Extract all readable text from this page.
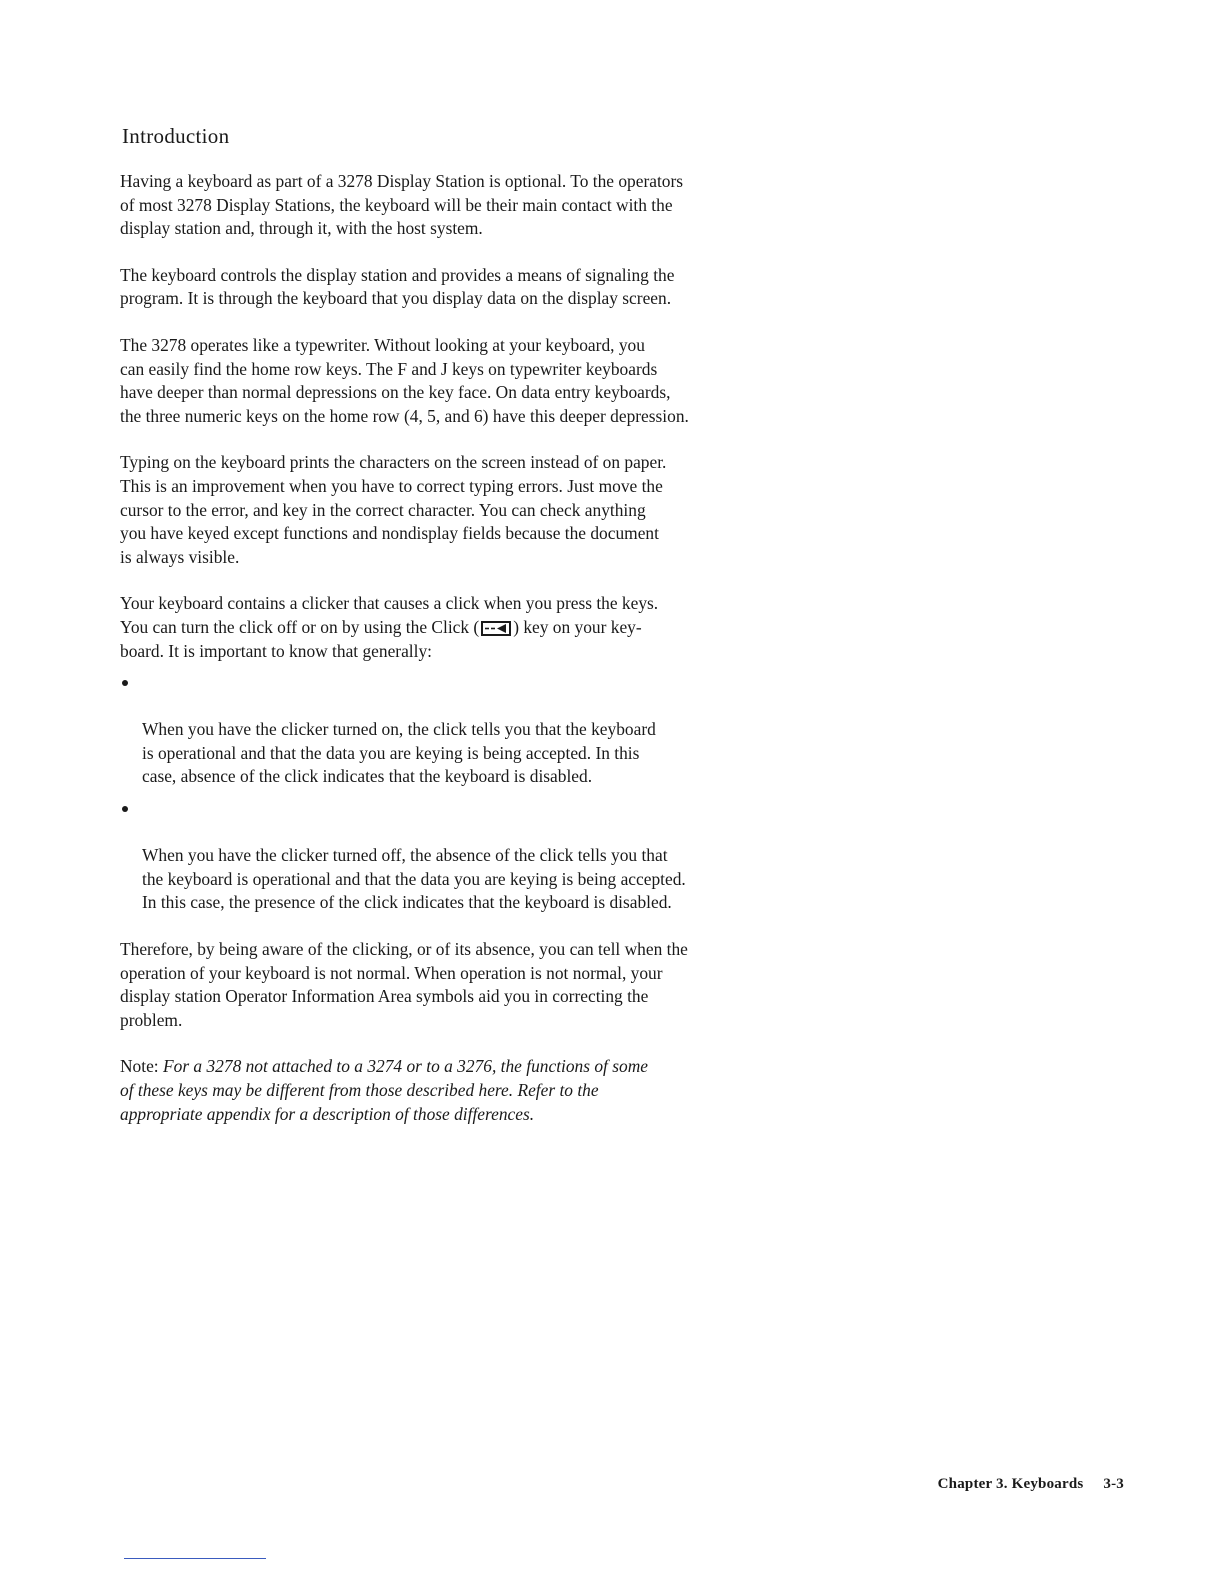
Introduction

Having a keyboard as part of a 3278 Display Station is optional. To the operators
of most 3278 Display Stations, the keyboard will be their main contact with the
display station and, through it, with the host system.

The keyboard controls the display station and provides a means of signaling the
program. It is through the keyboard that you display data on the display screen.

The 3278 operates like a typewriter. Without looking at your keyboard, you
can easily find the home row keys. The F and J keys on typewriter keyboards
have deeper than normal depressions on the key face. On data entry keyboards,
the three numeric keys on the home row (4, 5, and 6) have this deeper depression.

Typing on the keyboard prints the characters on the screen instead of on paper.
This is an improvement when you have to correct typing errors. Just move the
cursor to the error, and key in the correct character. You can check anything
you have keyed except functions and nondisplay fields because the document
is always visible.

Your keyboard contains a clicker that causes a click when you press the keys.
You can turn the click off or on by using the Click ( ) key on your key-
board. It is important to know that generally:

When you have the clicker turned on, the click tells you that the keyboard
is operational and that the data you are keying is being accepted. In this
case, absence of the click indicates that the keyboard is disabled.

When you have the clicker turned off, the absence of the click tells you that
the keyboard is operational and that the data you are keying is being accepted.
In this case, the presence of the click indicates that the keyboard is disabled.

Therefore, by being aware of the clicking, or of its absence, you can tell when the
operation of your keyboard is not normal. When operation is not normal, your
display station Operator Information Area symbols aid you in correcting the
problem.

Note: For a 3278 not attached to a 3274 or to a 3276, the functions of some
of these keys may be different from those described here. Refer to the
appropriate appendix for a description of those differences.

Chapter 3. Keyboards 3-3
